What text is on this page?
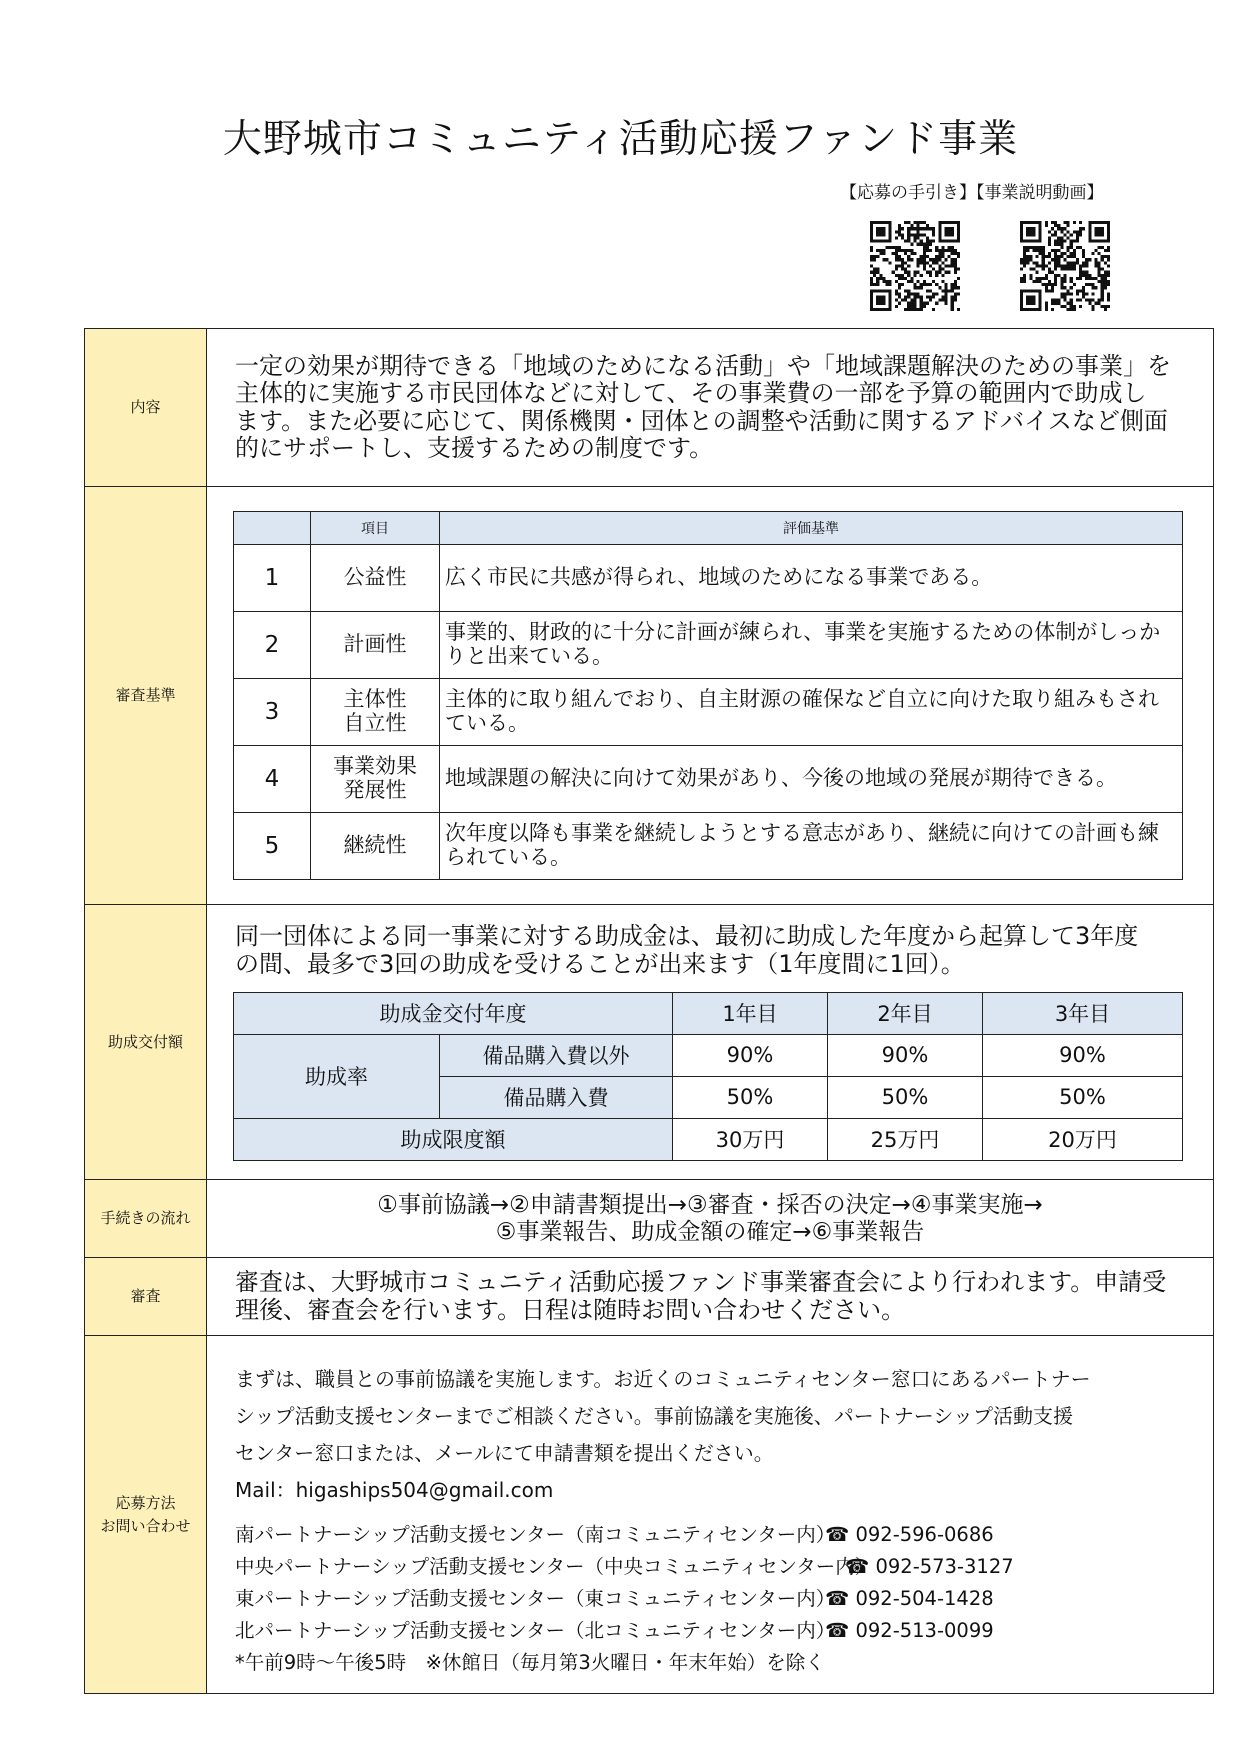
大野城市コミュニティ活動応援ファンド事業
【応募の手引き】【事業説明動画】
内容	
一定の効果が期待できる「地域のためになる活動」や「地域課題解決のための事業」を
主体的に実施する市民団体などに対して、その事業費の一部を予算の範囲内で助成し
ます。また必要に応じて、関係機関・団体との調整や活動に関するアドバイスなど側面
的にサポートし、支援するための制度です。

審査基準	
	項目	評価基準
1	公益性	広く市民に共感が得られ、地域のためになる事業である。
2	計画性	事業的、財政的に十分に計画が練られ、事業を実施するための体制がしっかりと出来ている。
3	主体性
自立性	主体的に取り組んでおり、自主財源の確保など自立に向けた取り組みもされている。
4	事業効果
発展性	地域課題の解決に向けて効果があり、今後の地域の発展が期待できる。
5	継続性	次年度以降も事業を継続しようとする意志があり、継続に向けての計画も練られている。

助成交付額	
同一団体による同一事業に対する助成金は、最初に助成した年度から起算して3年度
の間、最多で3回の助成を受けることが出来ます（1年度間に1回）。
助成金交付年度	1年目	2年目	3年目
助成率	備品購入費以外	90%	90%	90%
備品購入費	50%	50%	50%
助成限度額	30万円	25万円	20万円

手続きの流れ	
①事前協議→②申請書類提出→③審査・採否の決定→④事業実施→
⑤事業報告、助成金額の確定→⑥事業報告

審査	審査は、大野城市コミュニティ活動応援ファンド事業審査会により行われます。申請受
理後、審査会を行います。日程は随時お問い合わせください。

応募方法
お問い合わせ	
まずは、職員との事前協議を実施します。お近くのコミュニティセンター窓口にあるパートナー
シップ活動支援センターまでご相談ください。事前協議を実施後、パートナーシップ活動支援
センター窓口または、メールにて申請書類を提出ください。
Mail：higaships504@gmail.com
南パートナーシップ活動支援センター（南コミュニティセンター内）☎ 092-596-0686
中央パートナーシップ活動支援センター（中央コミュニティセンター内）☎ 092-573-3127
東パートナーシップ活動支援センター（東コミュニティセンター内）☎ 092-504-1428
北パートナーシップ活動支援センター（北コミュニティセンター内）☎ 092-513-0099
*午前9時～午後5時　※休館日（毎月第3火曜日・年末年始）を除く
